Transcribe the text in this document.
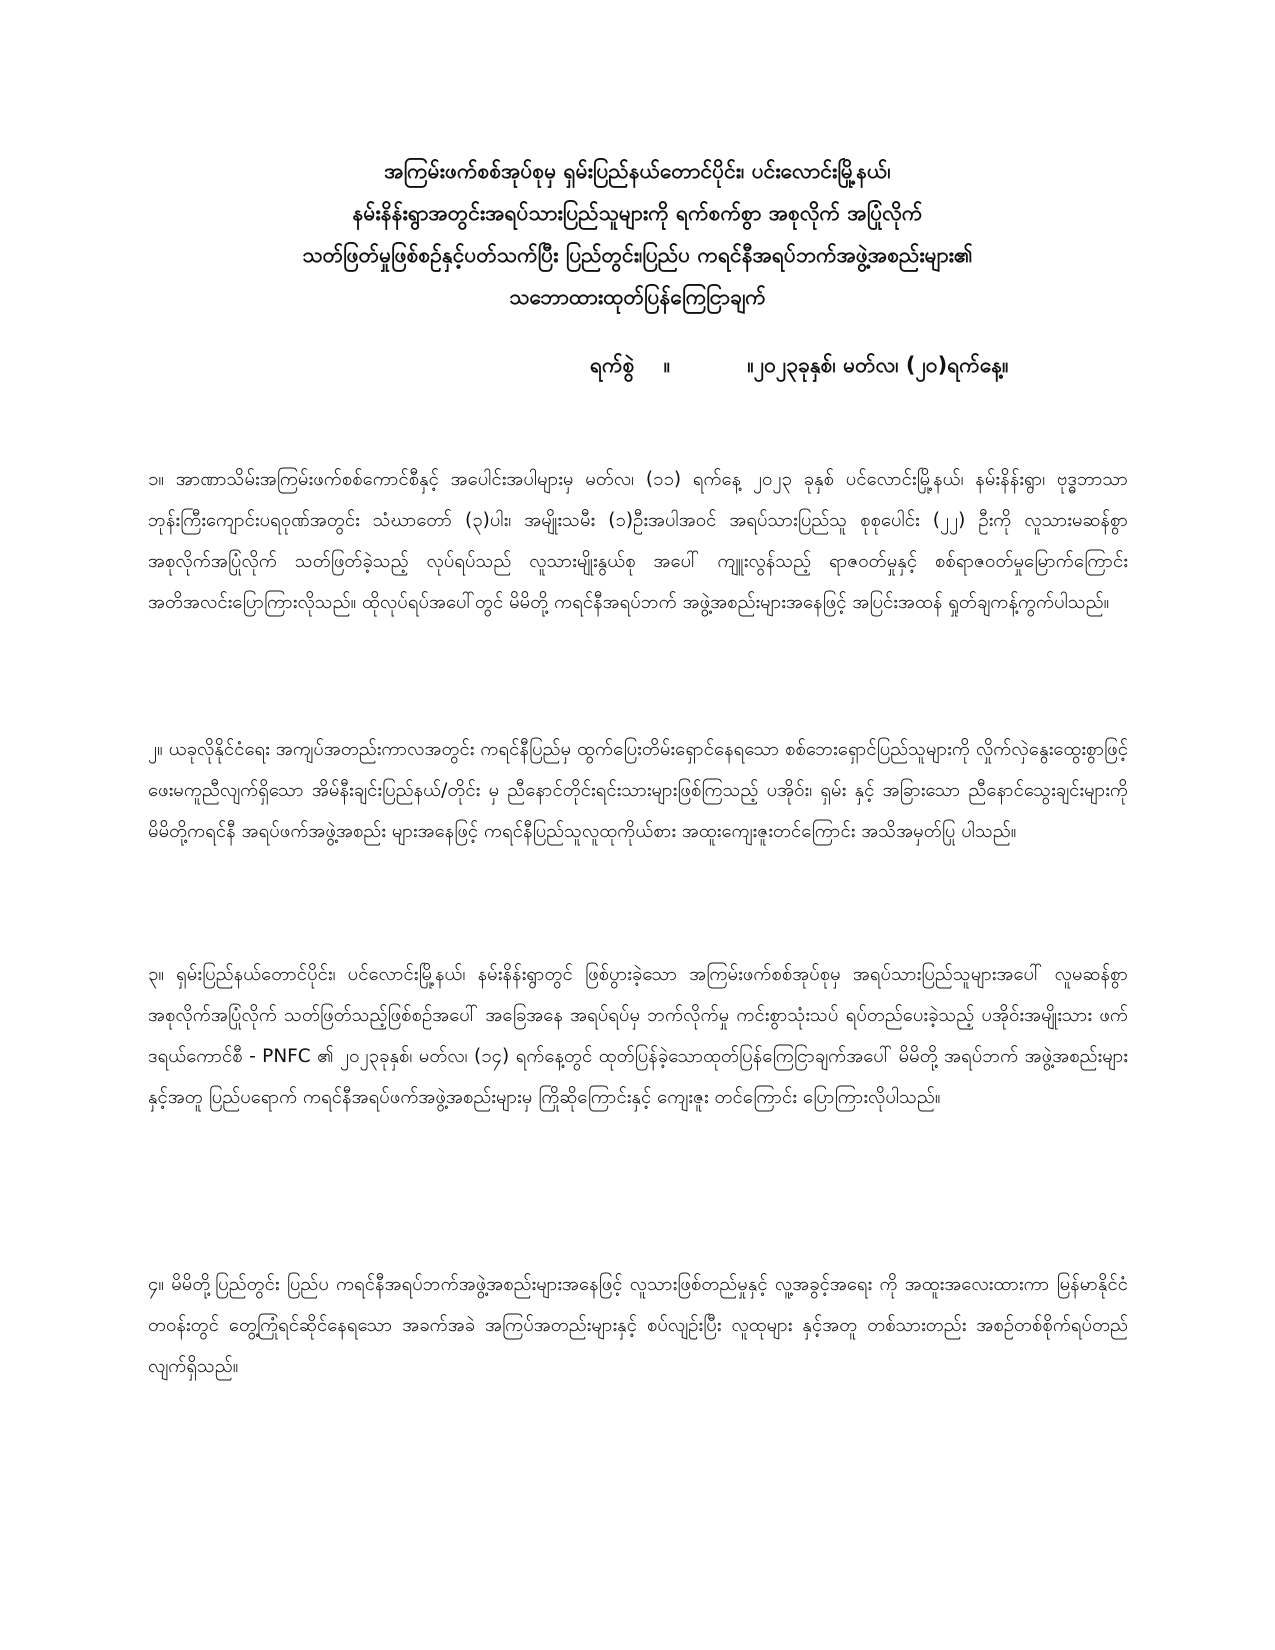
အကြမ်းဖက်စစ်အုပ်စုမှ ရှမ်းပြည်နယ်တောင်ပိုင်း၊ ပင်းလောင်းမြို့နယ်၊
နမ်းနိန်းရွာအတွင်းအရပ်သားပြည်သူများကို ရက်စက်စွာ အစုလိုက် အပြုံလိုက်
သတ်ဖြတ်မှုဖြစ်စဉ်နှင့်ပတ်သက်ပြီး ပြည်တွင်း၊ပြည်ပ ကရင်နီအရပ်ဘက်အဖွဲ့အစည်းများ၏
သဘောထားထုတ်ပြန်ကြေငြာချက်
ရက်စွဲ ။	။၂၀၂၃ခုနှစ်၊ မတ်လ၊ (၂၀)ရက်နေ့။

၁။ အာဏာသိမ်းအကြမ်းဖက်စစ်ကောင်စီနှင့် အပေါင်းအပါများမှ မတ်လ၊ (၁၁) ရက်နေ့ ၂၀၂၃ ခုနှစ် ပင်လောင်းမြို့နယ်၊ နမ်းနိန်းရွာ၊ ဗုဒ္ဓဘာသာဘုန်းကြီးကျောင်းပရဝုဏ်အတွင်း သံဃာတော် (၃)ပါး၊ အမျိုးသမီး (၁)ဦးအပါအဝင် အရပ်သားပြည်သူ စုစုပေါင်း (၂၂) ဦးကို လူသားမဆန်စွာ အစုလိုက်အပြုံလိုက် သတ်ဖြတ်ခဲ့သည့် လုပ်ရပ်သည် လူသားမျိုးနွယ်စု အပေါ် ကျူးလွန်သည့် ရာဇဝတ်မှုနှင့် စစ်ရာဇဝတ်မှုမြောက်ကြောင်း အတိအလင်းပြောကြားလိုသည်။ ထိုလုပ်ရပ်အပေါ်တွင် မိမိတို့ ကရင်နီအရပ်ဘက် အဖွဲ့အစည်းများအနေဖြင့် အပြင်းအထန် ရှုတ်ချကန့်ကွက်ပါသည်။

၂။ ယခုလိုနိုင်ငံရေး အကျပ်အတည်းကာလအတွင်း ကရင်နီပြည်မှ ထွက်ပြေးတိမ်းရှောင်နေရသော စစ်ဘေးရှောင်ပြည်သူများကို လှိုက်လှဲနွေးထွေးစွာဖြင့် ဖေးမကူညီလျက်ရှိသော အိမ်နီးချင်းပြည်နယ်/တိုင်း မှ ညီနောင်တိုင်းရင်းသားများဖြစ်ကြသည့် ပအိုဝ်း၊ ရှမ်း နှင့် အခြားသော ညီနောင်သွေးချင်းများကို မိမိတို့ကရင်နီ အရပ်ဖက်အဖွဲ့အစည်း များအနေဖြင့် ကရင်နီပြည်သူလူထုကိုယ်စား အထူးကျေးဇူးတင်ကြောင်း အသိအမှတ်ပြု ပါသည်။

၃။ ရှမ်းပြည်နယ်တောင်ပိုင်း၊ ပင်လောင်းမြို့နယ်၊ နမ်းနိန်းရွာတွင် ဖြစ်ပွားခဲ့သော အကြမ်းဖက်စစ်အုပ်စုမှ အရပ်သားပြည်သူများအပေါ် လူမဆန်စွာ အစုလိုက်အပြုံလိုက် သတ်ဖြတ်သည့်ဖြစ်စဉ်အပေါ် အခြေအနေ အရပ်ရပ်မှ ဘက်လိုက်မှု ကင်းစွာသုံးသပ် ရပ်တည်ပေးခဲ့သည့် ပအိုဝ်းအမျိုးသား ဖက်ဒရယ်ကောင်စီ - PNFC ၏ ၂၀၂၃ခုနှစ်၊ မတ်လ၊ (၁၄) ရက်နေ့တွင် ထုတ်ပြန်ခဲ့သောထုတ်ပြန်ကြေငြာချက်အပေါ် မိမိတို့ အရပ်ဘက် အဖွဲ့အစည်းများနှင့်အတူ ပြည်ပရောက် ကရင်နီအရပ်ဖက်အဖွဲ့အစည်းများမှ ကြိုဆိုကြောင်းနှင့် ကျေးဇူး တင်ကြောင်း ပြောကြားလိုပါသည်။

၄။ မိမိတို့ပြည်တွင်း ပြည်ပ ကရင်နီအရပ်ဘက်အဖွဲ့အစည်းများအနေဖြင့် လူသားဖြစ်တည်မှုနှင့် လူ့အခွင့်အရေး ကို အထူးအလေးထားကာ မြန်မာနိုင်ငံတဝန်းတွင် တွေ့ကြုံရင်ဆိုင်နေရသော အခက်အခဲ အကြပ်အတည်းများနှင့် စပ်လျဉ်းပြီး လူထုများ နှင့်အတူ တစ်သားတည်း အစဉ်တစ်စိုက်ရပ်တည်လျက်ရှိသည်။
